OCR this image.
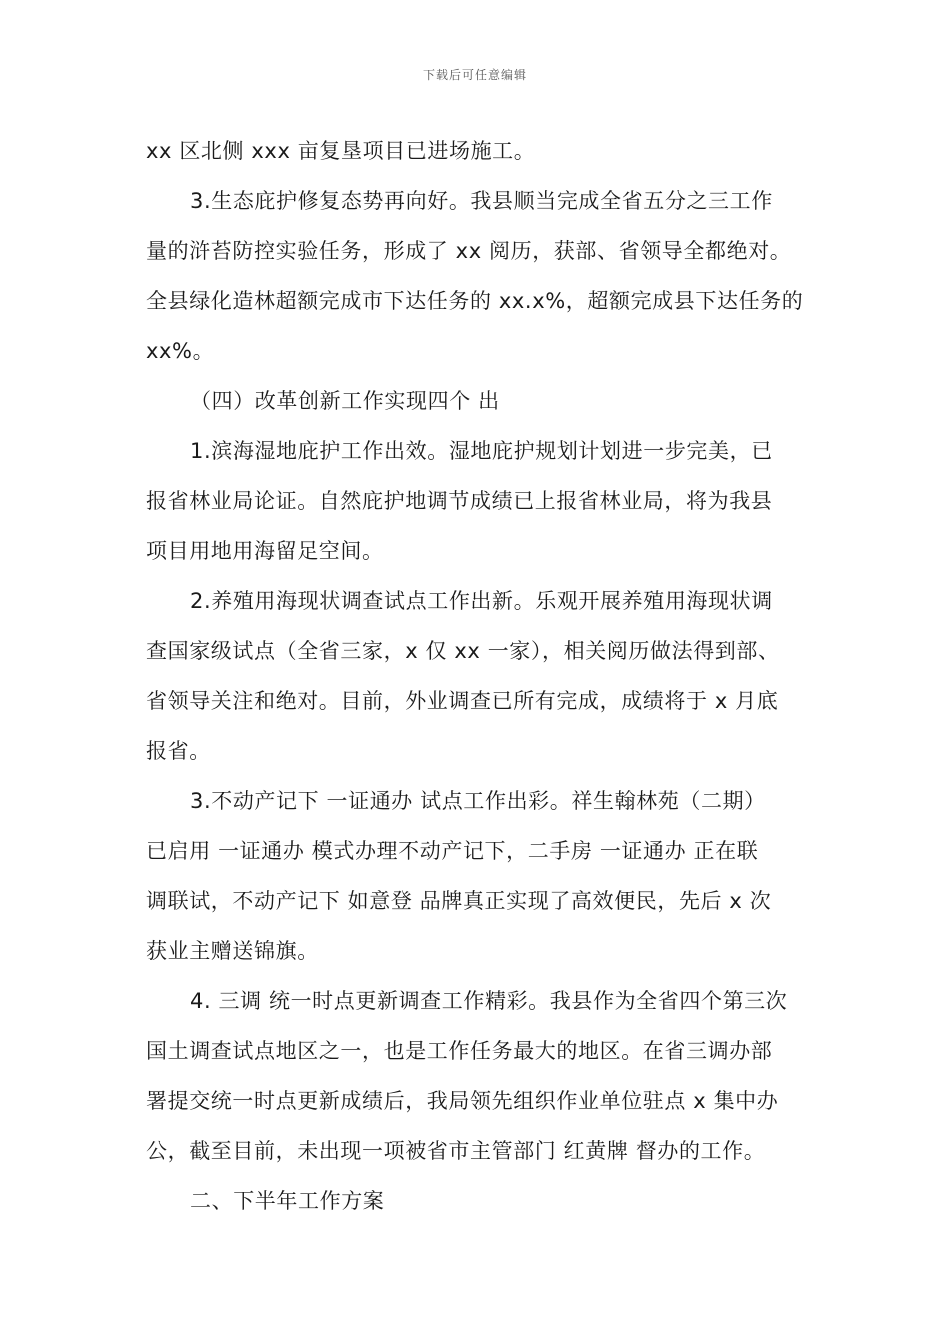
下载后可任意编辑
xx 区北侧 xxx 亩复垦项目已进场施工。
3.生态庇护修复态势再向好。我县顺当完成全省五分之三工作
量的浒苔防控实验任务，形成了 xx 阅历，获部、省领导全都绝对。
全县绿化造林超额完成市下达任务的 xx.x%，超额完成县下达任务的
xx%。
（四）改革创新工作实现四个 出
1.滨海湿地庇护工作出效。湿地庇护规划计划进一步完美，已
报省林业局论证。自然庇护地调节成绩已上报省林业局，将为我县
项目用地用海留足空间。
2.养殖用海现状调查试点工作出新。乐观开展养殖用海现状调
查国家级试点（全省三家，x 仅 xx 一家），相关阅历做法得到部、
省领导关注和绝对。目前，外业调查已所有完成，成绩将于 x 月底
报省。
3.不动产记下 一证通办 试点工作出彩。祥生翰林苑（二期）
已启用 一证通办 模式办理不动产记下，二手房 一证通办 正在联
调联试，不动产记下 如意登 品牌真正实现了高效便民，先后 x 次
获业主赠送锦旗。
4. 三调 统一时点更新调查工作精彩。我县作为全省四个第三次
国土调查试点地区之一，也是工作任务最大的地区。在省三调办部
署提交统一时点更新成绩后，我局领先组织作业单位驻点 x 集中办
公，截至目前，未出现一项被省市主管部门 红黄牌 督办的工作。
二、下半年工作方案
